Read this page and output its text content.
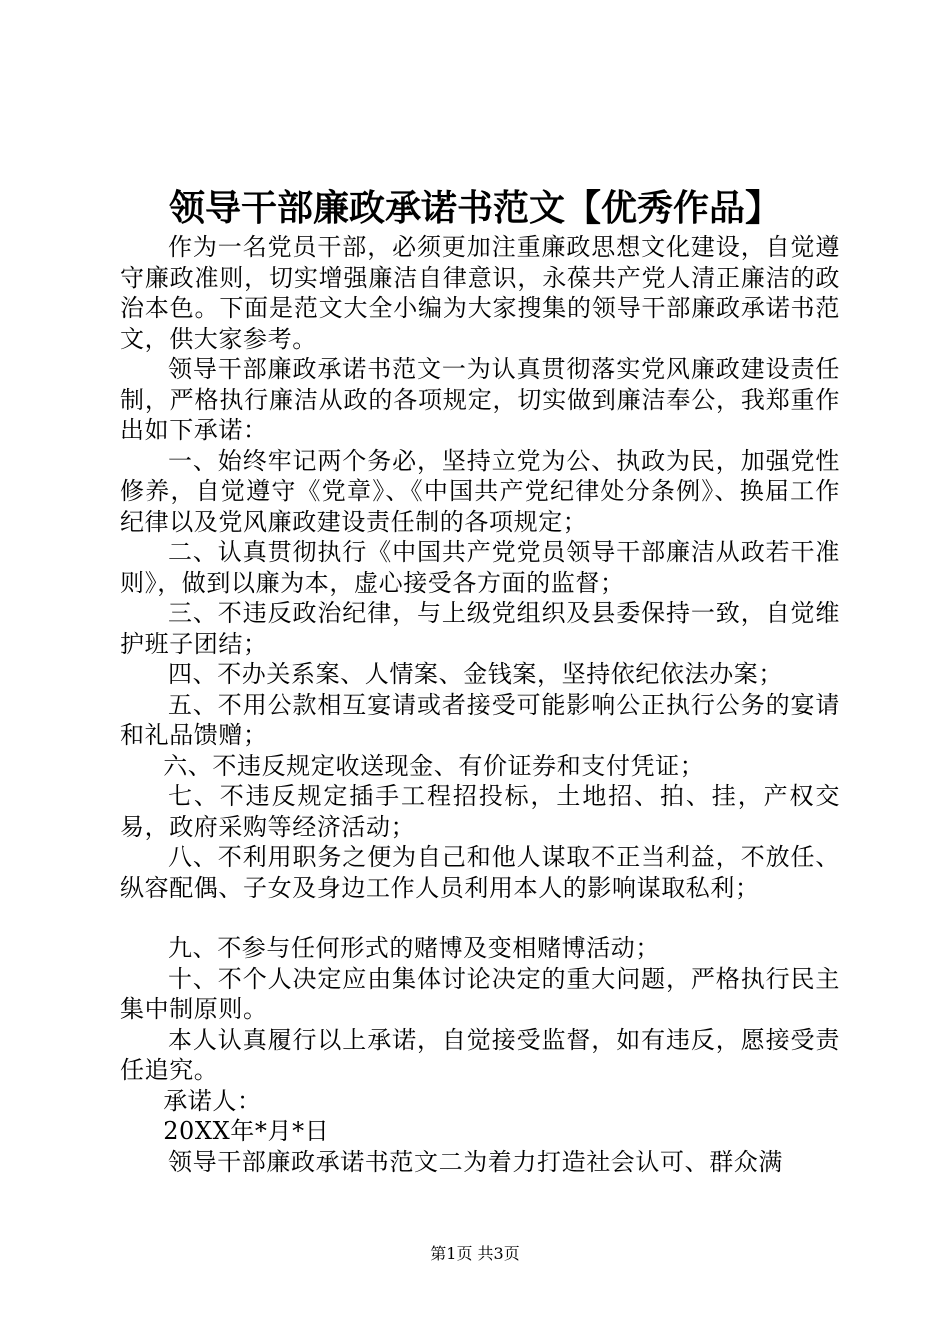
领导干部廉政承诺书范文【优秀作品】

作为一名党员干部，必须更加注重廉政思想文化建设，自觉遵守廉政准则，切实增强廉洁自律意识，永葆共产党人清正廉洁的政治本色。下面是范文大全小编为大家搜集的领导干部廉政承诺书范文，供大家参考。

领导干部廉政承诺书范文一为认真贯彻落实党风廉政建设责任制，严格执行廉洁从政的各项规定，切实做到廉洁奉公，我郑重作出如下承诺：

一、始终牢记两个务必，坚持立党为公、执政为民，加强党性修养，自觉遵守《党章》、《中国共产党纪律处分条例》、换届工作纪律以及党风廉政建设责任制的各项规定；

二、认真贯彻执行《中国共产党党员领导干部廉洁从政若干准则》，做到以廉为本，虚心接受各方面的监督；

三、不违反政治纪律，与上级党组织及县委保持一致，自觉维护班子团结；

四、不办关系案、人情案、金钱案，坚持依纪依法办案；

五、不用公款相互宴请或者接受可能影响公正执行公务的宴请和礼品馈赠；

六、不违反规定收送现金、有价证券和支付凭证；

七、不违反规定插手工程招投标，土地招、拍、挂，产权交易，政府采购等经济活动；

八、不利用职务之便为自己和他人谋取不正当利益，不放任、纵容配偶、子女及身边工作人员利用本人的影响谋取私利；

九、不参与任何形式的赌博及变相赌博活动；

十、不个人决定应由集体讨论决定的重大问题，严格执行民主集中制原则。

本人认真履行以上承诺，自觉接受监督，如有违反，愿接受责任追究。

承诺人：

20XX年*月*日

领导干部廉政承诺书范文二为着力打造社会认可、群众满

第1页 共3页
